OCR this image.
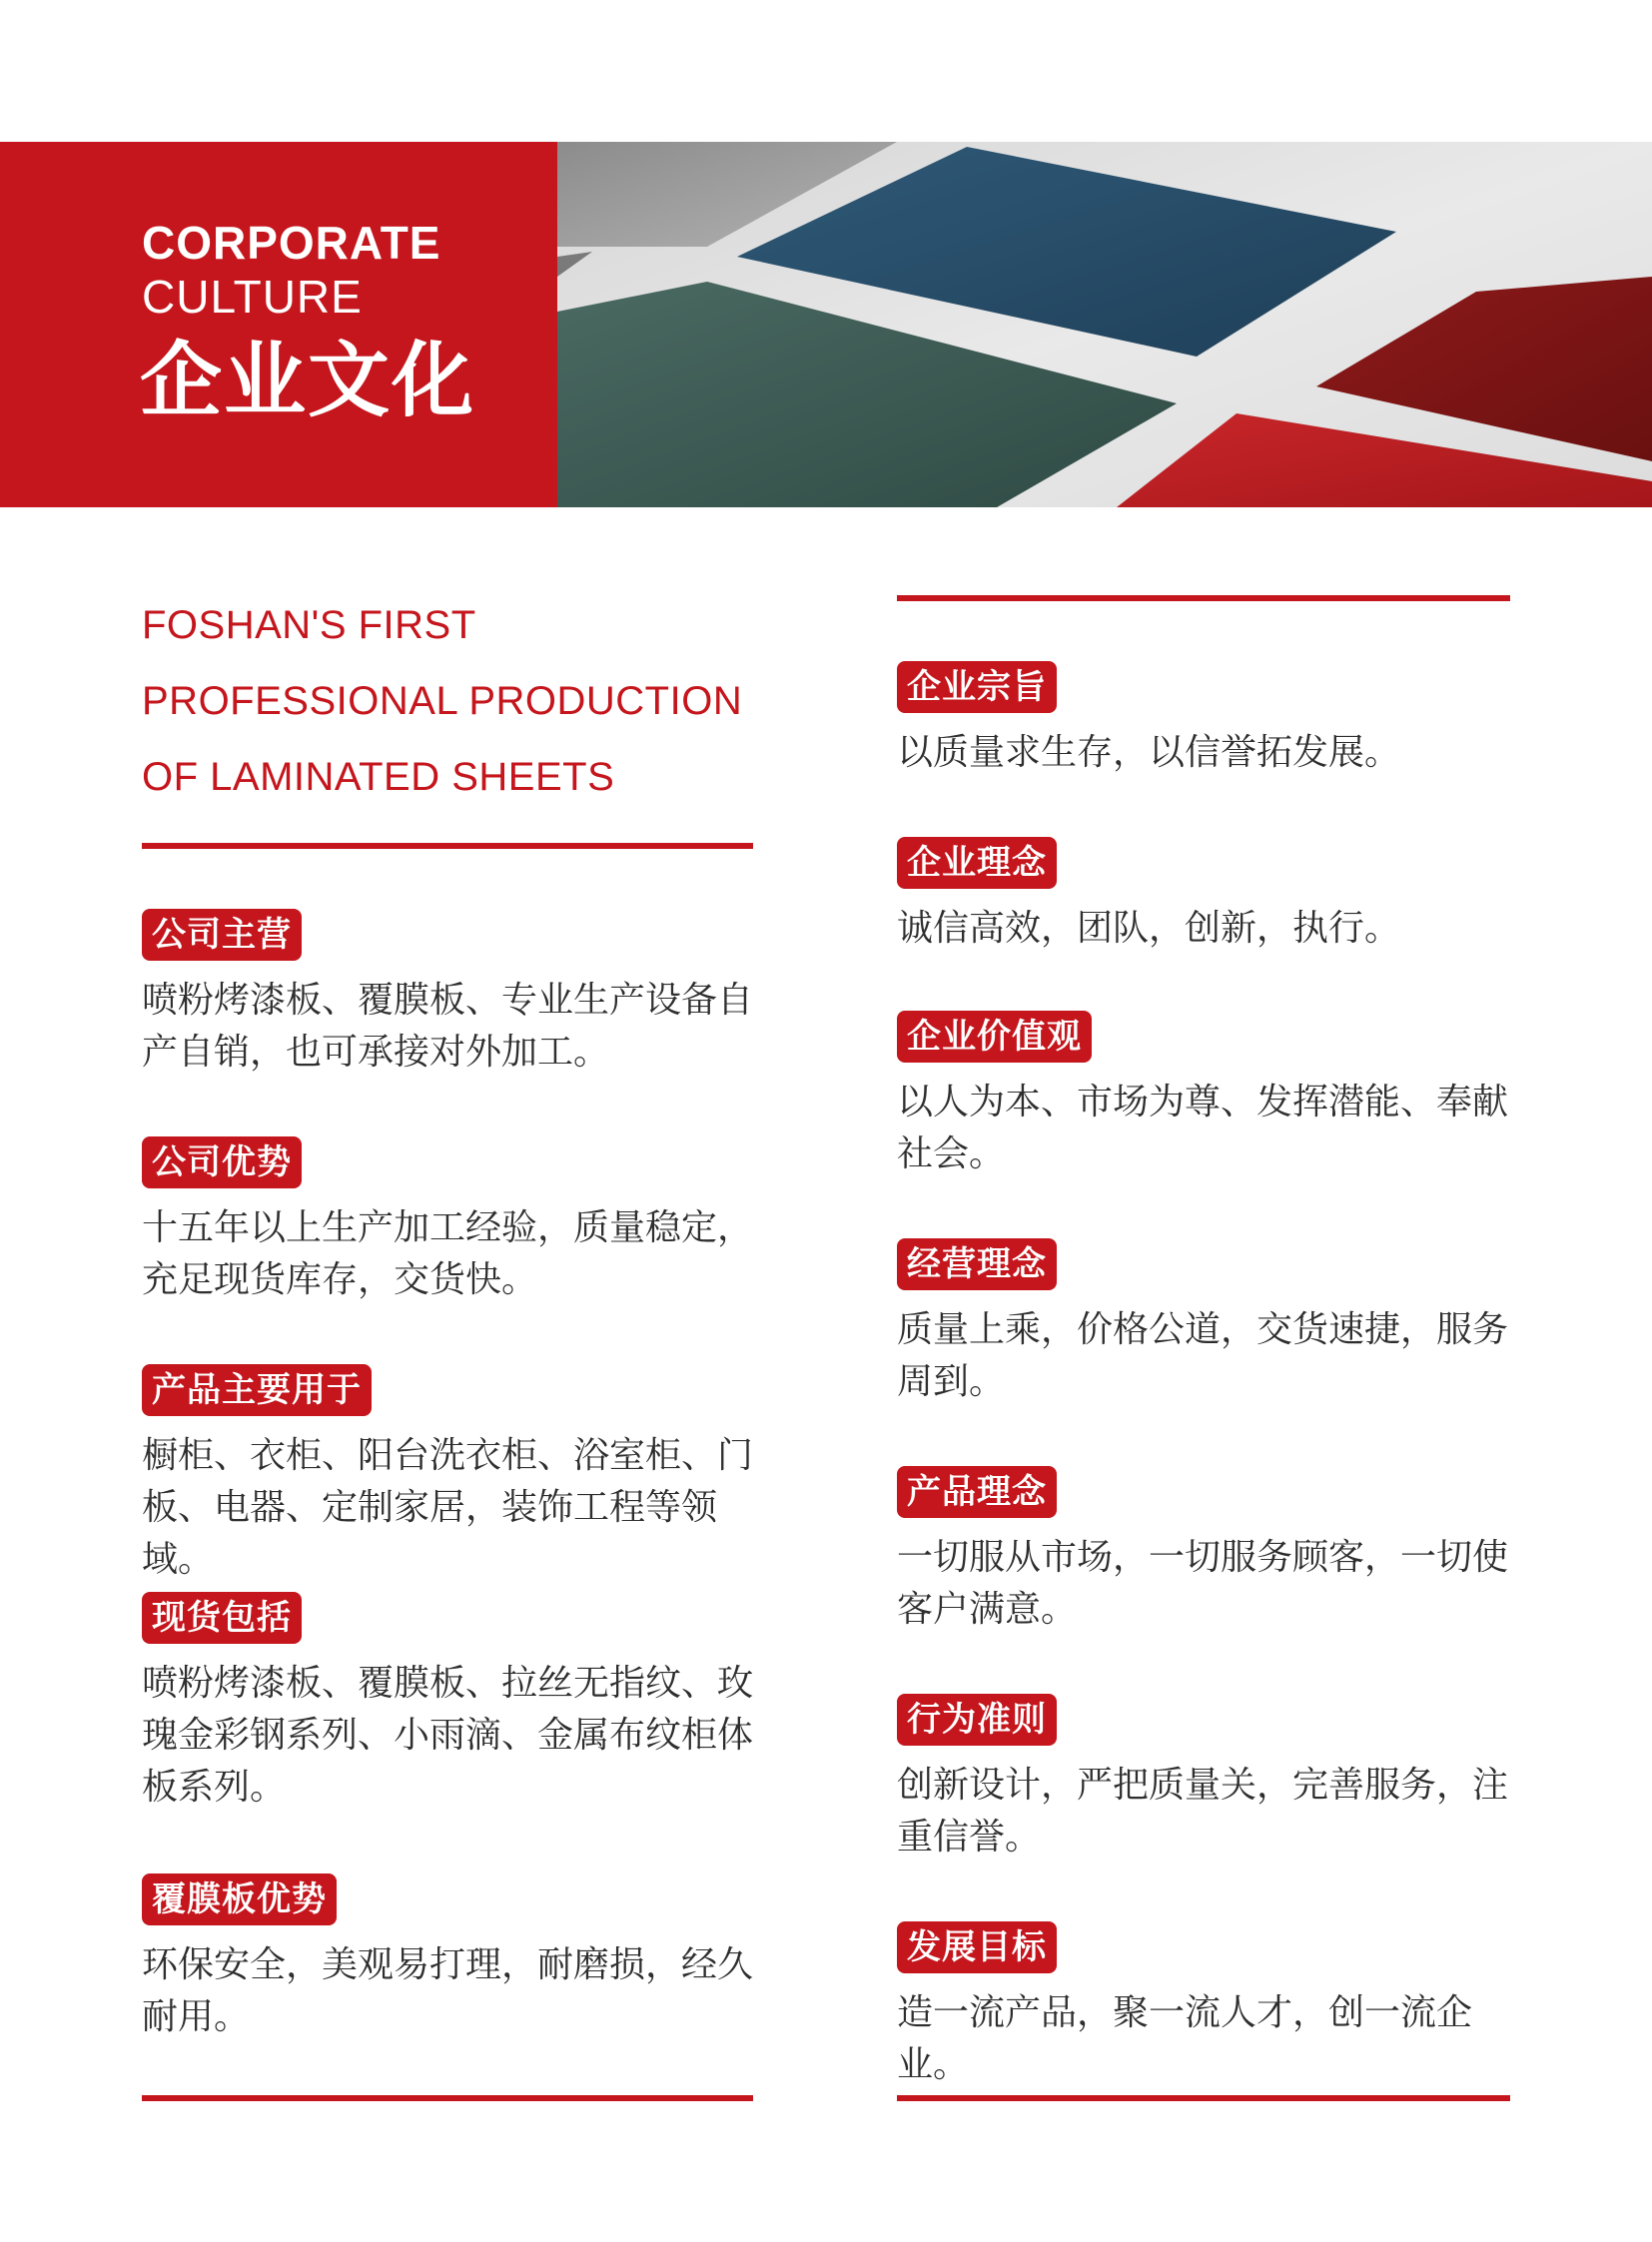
CORPORATE
CULTURE
企业文化
FOSHAN'S FIRST
PROFESSIONAL PRODUCTION
OF LAMINATED SHEETS
公司主营
喷粉烤漆板、覆膜板、专业生产设备自产自销，也可承接对外加工。
公司优势
十五年以上生产加工经验，质量稳定，充足现货库存，交货快。
产品主要用于
橱柜、衣柜、阳台洗衣柜、浴室柜、门板、电器、定制家居，装饰工程等领域。
现货包括
喷粉烤漆板、覆膜板、拉丝无指纹、玫瑰金彩钢系列、小雨滴、金属布纹柜体板系列。
覆膜板优势
环保安全，美观易打理，耐磨损，经久耐用。
企业宗旨
以质量求生存，以信誉拓发展。
企业理念
诚信高效，团队，创新，执行。
企业价值观
以人为本、市场为尊、发挥潜能、奉献社会。
经营理念
质量上乘，价格公道，交货速捷，服务周到。
产品理念
一切服从市场，一切服务顾客，一切使客户满意。
行为准则
创新设计，严把质量关，完善服务，注重信誉。
发展目标
造一流产品，聚一流人才，创一流企业。
